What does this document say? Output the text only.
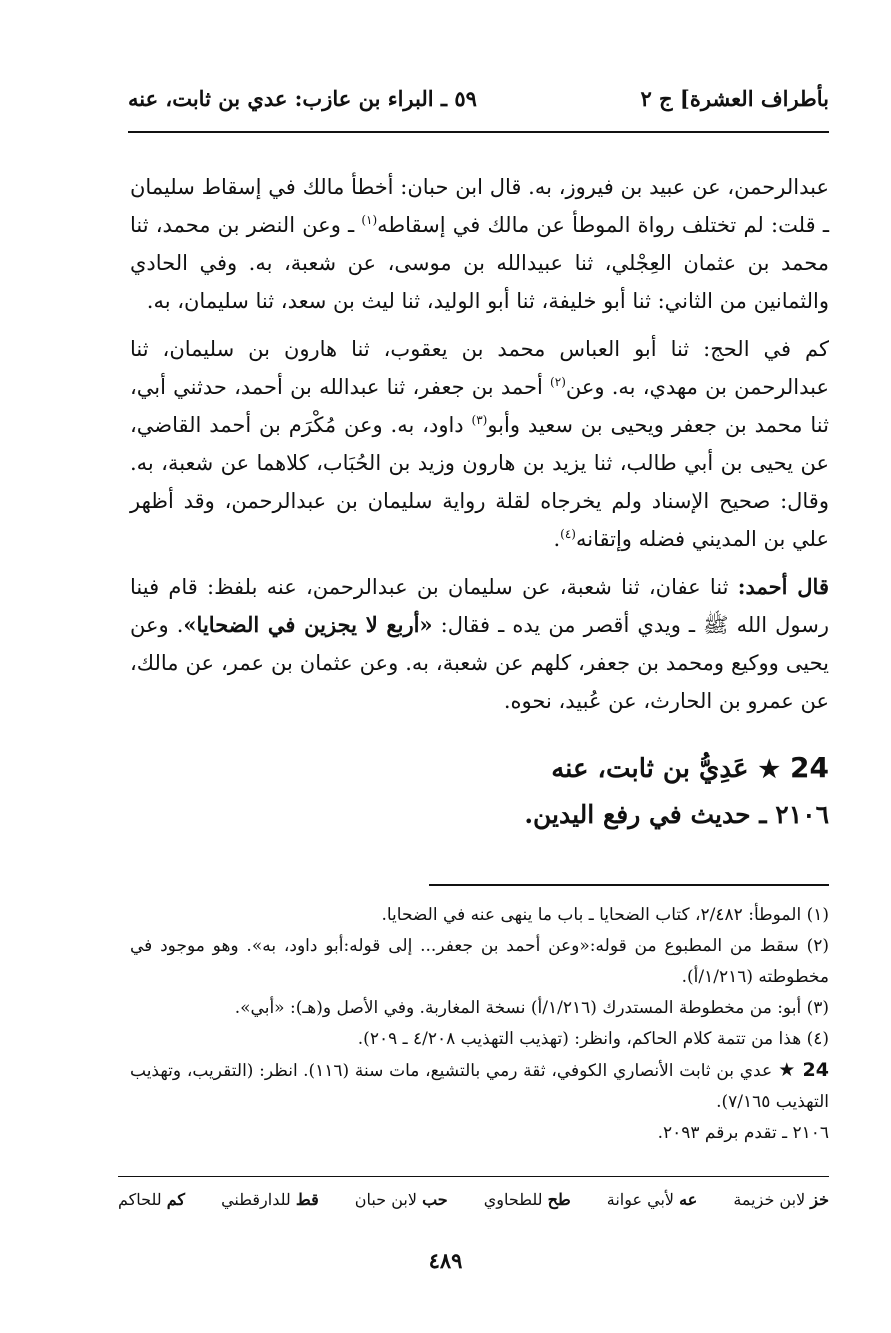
بأطراف العشرة] ج ٢
٥٩ ـ البراء بن عازب: عدي بن ثابت، عنه

عبدالرحمن، عن عبيد بن فيروز، به. قال ابن حبان: أخطأ مالك في إسقاط سليمان ـ قلت: لم تختلف رواة الموطأ عن مالك في إسقاطه$^{(١)}$ ـ وعن النضر بن محمد، ثنا محمد بن عثمان العِجْلي، ثنا عبيدالله بن موسى، عن شعبة، به. وفي الحادي والثمانين من الثاني: ثنا أبو خليفة، ثنا أبو الوليد، ثنا ليث بن سعد، ثنا سليمان، به.

كم في الحج: ثنا أبو العباس محمد بن يعقوب، ثنا هارون بن سليمان، ثنا عبدالرحمن بن مهدي، به. وعن$^{(٢)}$ أحمد بن جعفر، ثنا عبدالله بن أحمد، حدثني أبي، ثنا محمد بن جعفر ويحيى بن سعيد وأبو$^{(٣)}$ داود، به. وعن مُكْرَم بن أحمد القاضي، عن يحيى بن أبي طالب، ثنا يزيد بن هارون وزيد بن الحُبَاب، كلاهما عن شعبة، به. وقال: صحيح الإسناد ولم يخرجاه لقلة رواية سليمان بن عبدالرحمن، وقد أظهر علي بن المديني فضله وإتقانه$^{(٤)}$.

قال أحمد: ثنا عفان، ثنا شعبة، عن سليمان بن عبدالرحمن، عنه بلفظ: قام فينا رسول الله ﷺ ـ ويدي أقصر من يده ـ فقال: «أربع لا يجزين في الضحايا». وعن يحيى ووكيع ومحمد بن جعفر، كلهم عن شعبة، به. وعن عثمان بن عمر، عن مالك، عن عمرو بن الحارث، عن عُبيد، نحوه.

24
★
عَدِيُّ بن ثابت، عنه
٢١٠٦ ـ حديث في رفع اليدين.

(١) الموطأ: ٢/٤٨٢، كتاب الضحايا ـ باب ما ينهى عنه في الضحايا.

(٢) سقط من المطبوع من قوله:«وعن أحمد بن جعفر... إلى قوله:أبو داود، به». وهو موجود في مخطوطته (١/٢١٦/أ).

(٣) أبو: من مخطوطة المستدرك (١/٢١٦/أ) نسخة المغاربة. وفي الأصل و(هـ): «أبي».

(٤) هذا من تتمة كلام الحاكم، وانظر: (تهذيب التهذيب ٤/٢٠٨ ـ ٢٠٩).

24 ★ عدي بن ثابت الأنصاري الكوفي، ثقة رمي بالتشيع، مات سنة (١١٦). انظر: (التقريب، وتهذيب التهذيب ٧/١٦٥).

٢١٠٦ ـ تقدم برقم ٢٠٩٣.

خز لابن خزيمة
عه لأبي عوانة
طح للطحاوي
حب لابن حبان
قط للدارقطني
كم للحاكم
٤٨٩
